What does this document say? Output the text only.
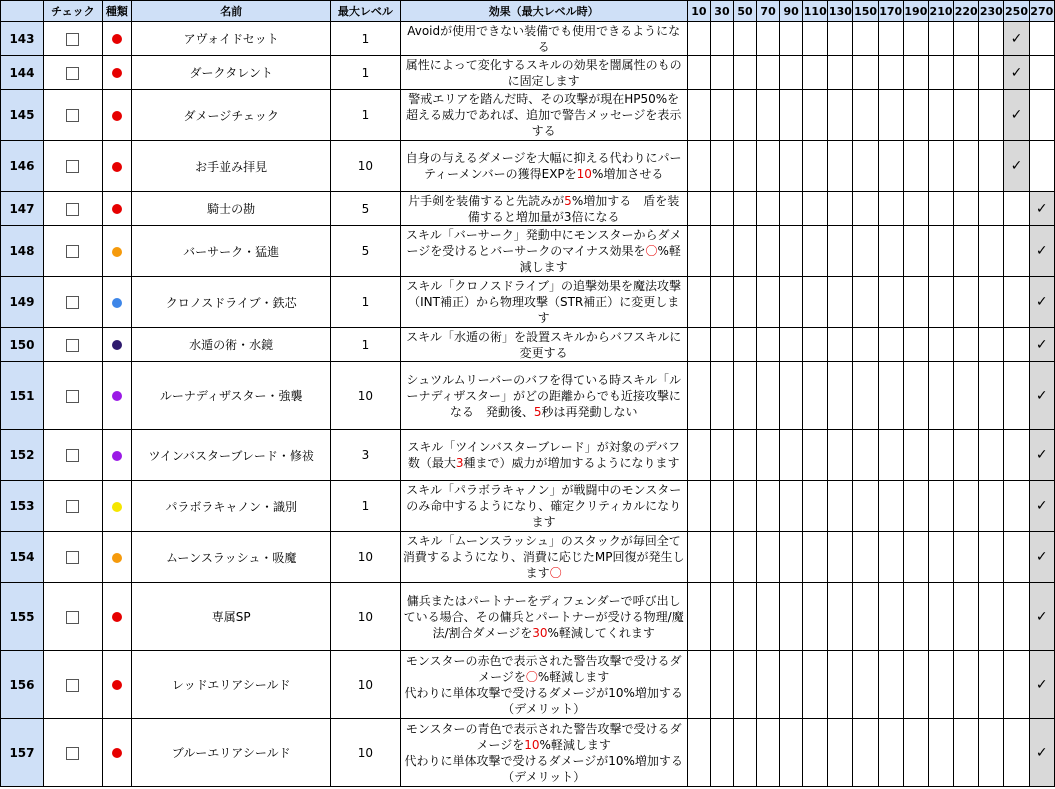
	チェック	種類	名前	最大レベル	効果（最大レベル時）	10	30	50	70	90	110	130	150	170	190	210	220	230	250	270
143			アヴォイドセット	1	Avoidが使用できない装備でも使用できるようになる														✓	
144			ダークタレント	1	属性によって変化するスキルの効果を闇属性のものに固定します														✓	
145			ダメージチェック	1	警戒エリアを踏んだ時、その攻撃が現在HP50%を超える威力であれば、追加で警告メッセージを表示する														✓	
146			お手並み拝見	10	自身の与えるダメージを大幅に抑える代わりにパーティーメンバーの獲得EXPを10%増加させる														✓	
147			騎士の勘	5	片手剣を装備すると先読みが5%増加する　盾を装備すると増加量が3倍になる															✓
148			バーサーク・猛進	5	スキル「バーサーク」発動中にモンスターからダメージを受けるとバーサークのマイナス効果を〇%軽減します															✓
149			クロノスドライブ・鉄芯	1	スキル「クロノスドライブ」の追撃効果を魔法攻撃（INT補正）から物理攻撃（STR補正）に変更します															✓
150			水遁の術・水鏡	1	スキル「水遁の術」を設置スキルからバフスキルに変更する															✓
151			ルーナディザスター・強襲	10	シュツルムリーバーのバフを得ている時スキル「ルーナディザスター」がどの距離からでも近接攻撃になる　発動後、5秒は再発動しない															✓
152			ツインバスターブレード・修祓	3	スキル「ツインバスターブレード」が対象のデバフ数（最大3種まで）威力が増加するようになります															✓
153			パラボラキャノン・識別	1	スキル「パラボラキャノン」が戦闘中のモンスターのみ命中するようになり、確定クリティカルになります															✓
154			ムーンスラッシュ・吸魔	10	スキル「ムーンスラッシュ」のスタックが毎回全て消費するようになり、消費に応じたMP回復が発生します〇															✓
155			専属SP	10	傭兵またはパートナーをディフェンダーで呼び出している場合、その傭兵とパートナーが受ける物理/魔法/割合ダメージを30%軽減してくれます															✓
156			レッドエリアシールド	10	モンスターの赤色で表示された警告攻撃で受けるダメージを〇%軽減します
代わりに単体攻撃で受けるダメージが10%増加する（デメリット）															✓
157			ブルーエリアシールド	10	モンスターの青色で表示された警告攻撃で受けるダメージを10%軽減します
代わりに単体攻撃で受けるダメージが10%増加する（デメリット）															✓
